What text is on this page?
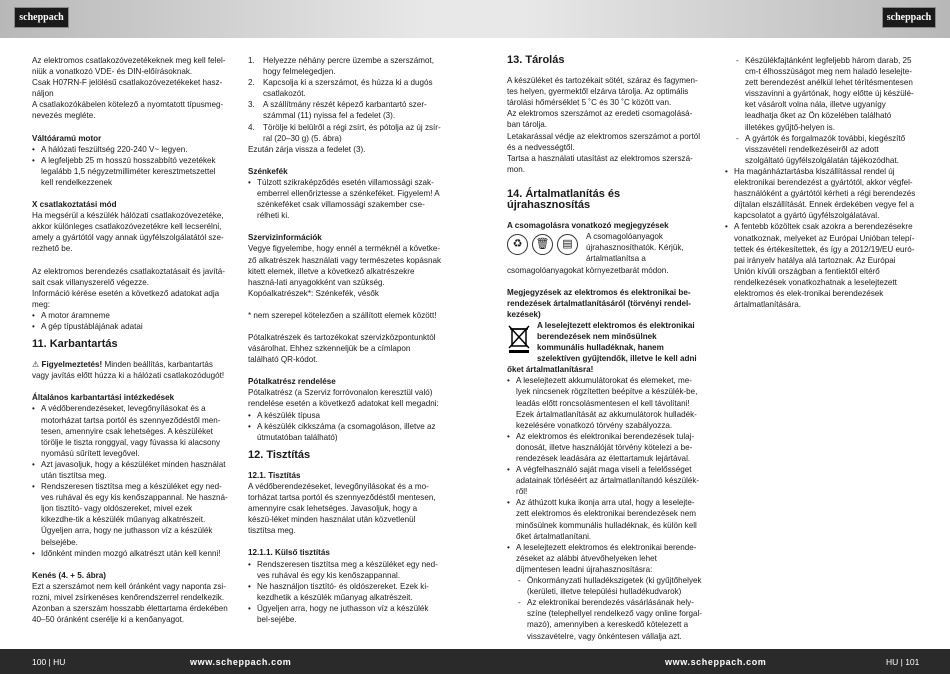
scheppach	scheppach

Az elektromos csatlakozóvezetékeknek meg kell felel-niük a vonatkozó VDE- és DIN-előírásoknak.

Csak H07RN-F jelölésű csatlakozóvezetékeket hasz-náljon

A csatlakozókábelen kötelező a nyomtatott típusmeg-nevezés megléte.

Váltóáramú motor

• A hálózati feszültség 220-240 V~ legyen.
• A legfeljebb 25 m hosszú hosszabbító vezetékek legalább 1,5 négyzetmilliméter keresztmetszettel kell rendelkezzenek

X csatlakoztatási mód

Ha megsérül a készülék hálózati csatlakozóvezetéke, akkor különleges csatlakozóvezetékre kell lecserélni, amely a gyártótól vagy annak ügyfélszolgálatától sze-rezhető be.

Az elektromos berendezés csatlakoztatásait és javítá-sait csak villanyszerelő végezze.

Információ kérése esetén a következő adatokat adja meg:

• A motor áramneme
• A gép típustáblájának adatai

11. Karbantartás

⚠ Figyelmeztetés! Minden beállítás, karbantartás vagy javítás előtt húzza ki a hálózati csatlakozódugót!

Általános karbantartási intézkedések

• A védőberendezéseket, levegőnyílásokat és a motorházat tartsa portól és szennyeződéstől men-tesen, amennyire csak lehetséges. A készüléket törölje le tiszta ronggyal, vagy fúvassa ki alacsony nyomású sűrített levegővel.
• Azt javasoljuk, hogy a készüléket minden használat után tisztítsa meg.
• Rendszeresen tisztítsa meg a készüléket egy ned-ves ruhával és egy kis kenőszappannal. Ne haszná-ljon tisztító- vagy oldószereket, mivel ezek kikezdhe-tik a készülék műanyag alkatrészeit. Ügyeljen arra, hogy ne juthasson víz a készülék belsejébe.
• Időnként minden mozgó alkatrészt után kell kenni!

Kenés (4. + 5. ábra)

Ezt a szerszámot nem kell óránként vagy naponta zsi-rozni, mivel zsírkenéses kenőrendszerrel rendelkezik. Azonban a szerszám hosszabb élettartama érdekében 40–50 óránként cserélje ki a kenőanyagot.

1. Helyezze néhány percre üzembe a szerszámot, hogy felmelegedjen.
2. Kapcsolja ki a szerszámot, és húzza ki a dugós csatlakozót.
3. A szállítmány részét képező karbantartó szer-számmal (11) nyissa fel a fedelet (3).
4. Törölje ki belülről a régi zsírt, és pótolja az új zsír-ral (20–30 g) (5. ábra)

Ezután zárja vissza a fedelet (3).

Szénkefék

• Túlzott szikraképződés esetén villamossági szak-emberrel ellenőriztesse a szénkeféket. Figyelem! A szénkeféket csak villamossági szakember cse-rélheti ki.

Szervizinformációk

Vegye figyelembe, hogy ennél a terméknél a követke-ző alkatrészek használati vagy természetes kopásnak kitett elemek, illetve a következő alkatrészekre haszná-lati anyagokként van szükség.

Kopóalkatrészek*: Szénkefék, vésők

* nem szerepel kötelezően a szállított elemek között!

Pótalkatrészek és tartozékokat szervizközpontunktól vásárolhat. Ehhez szkenneljük be a címlapon található QR-kódot.

Pótalkatrész rendelése

Pótalkatrész (a Szerviz forróvonalon keresztül való) rendelése esetén a következő adatokat kell megadni:

• A készülék típusa
• A készülék cikkszáma (a csomagoláson, illetve az útmutatóban található)

12. Tisztítás

12.1. Tisztítás

A védőberendezéseket, levegőnyílásokat és a mo-torházat tartsa portól és szennyeződéstől mentesen, amennyire csak lehetséges. Javasoljuk, hogy a készü-léket minden használat után közvetlenül tisztítsa meg.

12.1.1. Külső tisztítás

• Rendszeresen tisztítsa meg a készüléket egy ned-ves ruhával és egy kis kenőszappannal.
• Ne használjon tisztító- és oldószereket. Ezek ki-kezdhetik a készülék műanyag alkatrészeit.
• Ügyeljen arra, hogy ne juthasson víz a készülék bel-sejébe.

13. Tárolás

A készüléket és tartozékait sötét, száraz és fagymen-tes helyen, gyermektől elzárva tárolja. Az optimális tárolási hőmérséklet 5 ˚C és 30 ˚C között van.

Az elektromos szerszámot az eredeti csomagolásá-ban tárolja.

Letakarással védje az elektromos szerszámot a portól és a nedvességtől.

Tartsa a használati utasítást az elektromos szerszá-mon.

14. Ártalmatlanítás és újrahasznosítás

A csomagolásra vonatkozó megjegyzések

♻	🗑	▤

A csomagolóanyagok újrahasznosíthatók. Kérjük, ártalmatlanítsa a csomagolóanyagokat környezetbarát módon.

Megjegyzések az elektromos és elektronikai be-rendezések ártalmatlanításáról (törvényi rendel-kezések)

A leselejtezett elektromos és elektronikai berendezések nem minősülnek kommunális hulladéknak, hanem szelektíven gyűjtendők, illetve le kell adni őket ártalmatlanításra!

• A leselejtezett akkumulátorokat és elemeket, me-lyek nincsenek rögzítetten beépítve a készülék-be, leadás előtt roncsolásmentesen el kell távolítani! Ezek ártalmatlanítását az akkumulátorok hulladék-kezelésére vonatkozó törvény szabályozza.
• Az elektromos és elektronikai berendezések tulaj-donosát, illetve használóját törvény kötelezi a be-rendezések leadására az élettartamuk lejártával.
• A végfelhasználó saját maga viseli a felelősséget adatainak törléséért az ártalmatlanítandó készülék-ről!
• Az áthúzott kuka ikonja arra utal, hogy a leselejte-zett elektromos és elektronikai berendezések nem minősülnek kommunális hulladéknak, és külön kell őket ártalmatlanítani.
• A leselejtezett elektromos és elektronikai berende-zéseket az alábbi átvevőhelyeken lehet díjmentesen leadni újrahasznosításra:
- Önkormányzati hulladékszigetek (ki gyűjtőhelyek (kerületi, illetve települési hulladékudvarok)
- Az elektronikai berendezés vásárlásának hely-színe (telephellyel rendelkező vagy online forgal-mazó), amennyiben a kereskedő kötelezett a visszavételre, vagy önkéntesen vállalja azt.
- Készülékfajtánként legfeljebb három darab, 25 cm-t élhosszúságot meg nem haladó leselejte-zett berendezést anélkül lehet térítésmentesen visszavinni a gyártónak, hogy előtte új készülé-ket vásárolt volna nála, illetve ugyanígy leadhatja őket az Ön közelében található illetékes gyűjtő-helyen is.
- A gyártók és forgalmazók további, kiegészítő visszavételi rendelkezéseiről az adott szolgáltató ügyfélszolgálatán tájékozódhat.
• Ha magánháztartásba kiszállítással rendel új elektronikai berendezést a gyártótól, akkor végfel-használóként a gyártótól kérheti a régi berendezés díjtalan elszállítását. Ennek érdekében vegye fel a kapcsolatot a gyártó ügyfélszolgálatával.
• A fentebb közöltek csak azokra a berendezésekre vonatkoznak, melyeket az Európai Unióban telepí-tettek és értékesítettek, és így a 2012/19/EU euró-pai irányelv hatálya alá tartoznak. Az Európai Unión kívüli országban a fentiektől eltérő rendelkezések vonatkozhatnak a leselejtezett elektromos és elek-tronikai berendezések ártalmatlanítására.
100 | HU	www.scheppach.com	www.scheppach.com	HU | 101
